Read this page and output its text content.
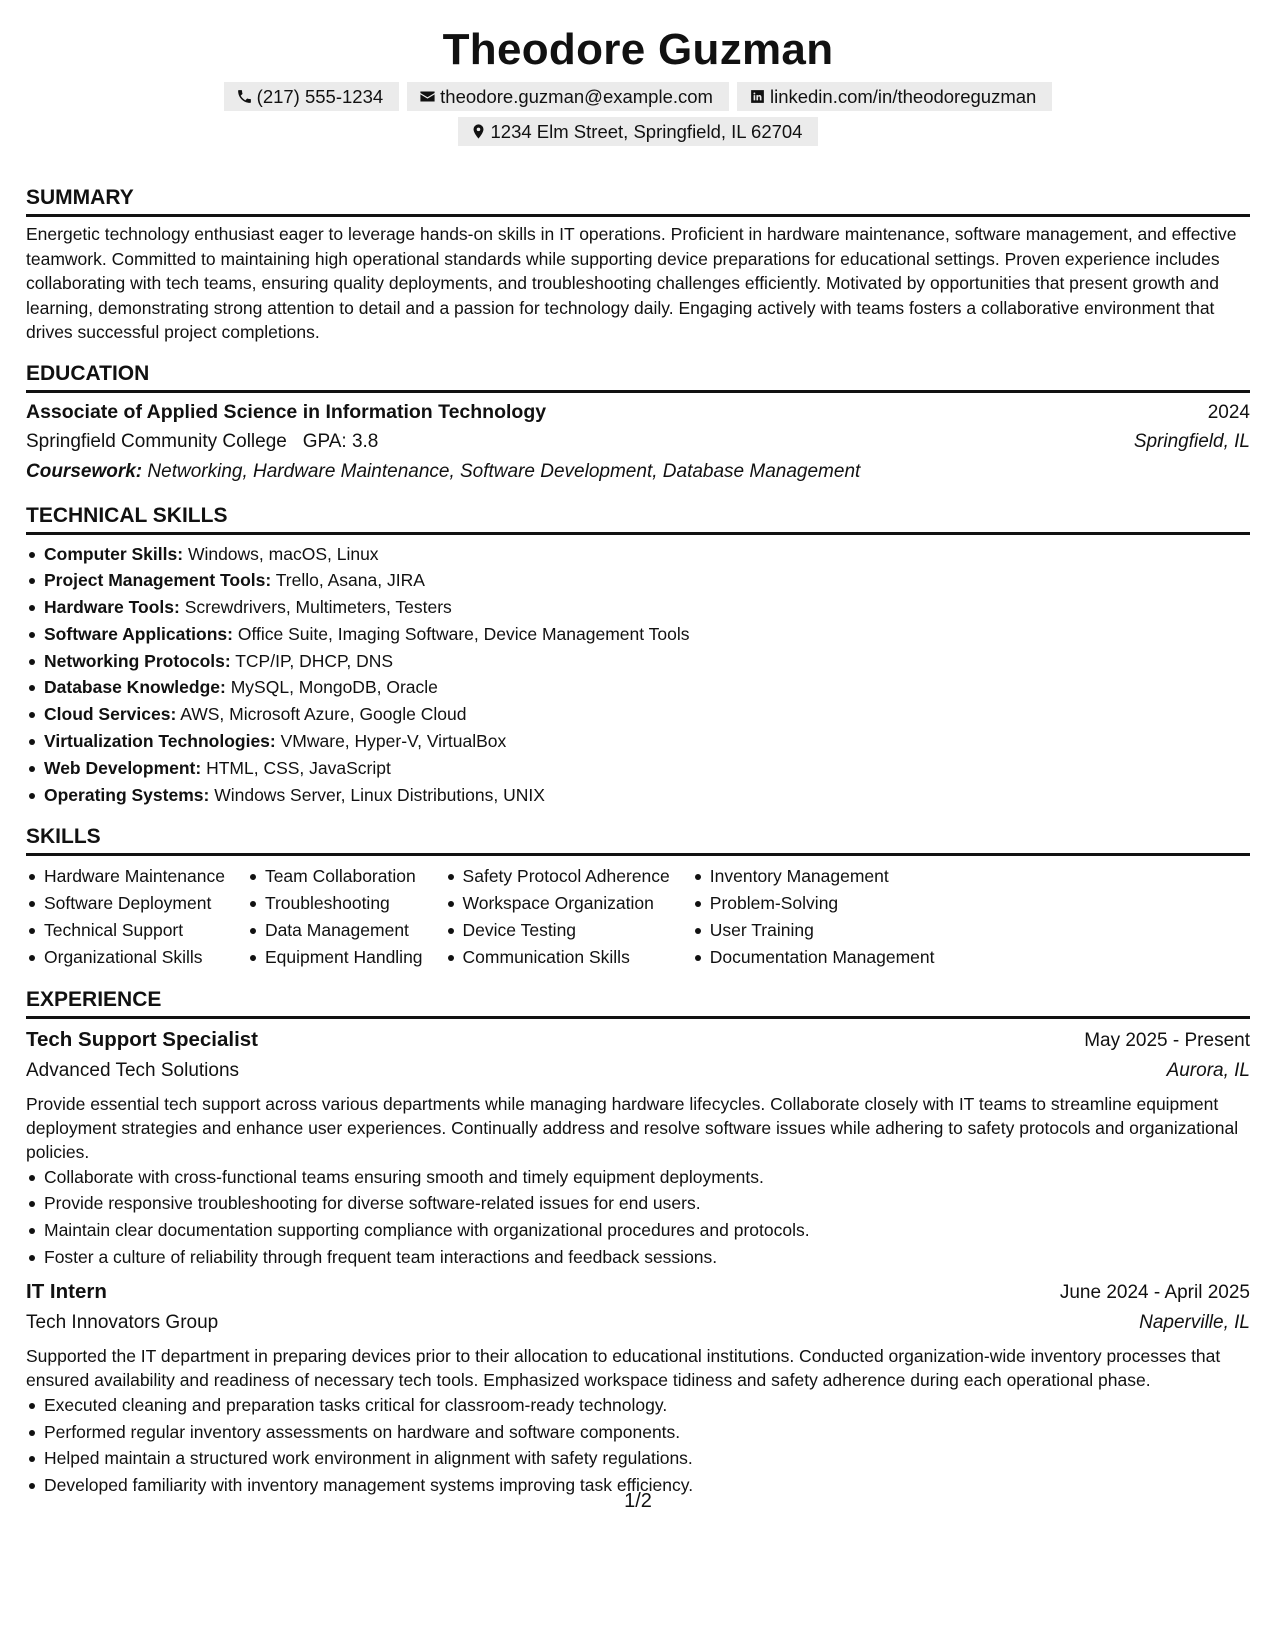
Theodore Guzman
(217) 555-1234	theodore.guzman@example.com	linkedin.com/in/theodoreguzman
1234 Elm Street, Springfield, IL 62704
SUMMARY
Energetic technology enthusiast eager to leverage hands-on skills in IT operations. Proficient in hardware maintenance, software management, and effective teamwork. Committed to maintaining high operational standards while supporting device preparations for educational settings. Proven experience includes collaborating with tech teams, ensuring quality deployments, and troubleshooting challenges efficiently. Motivated by opportunities that present growth and learning, demonstrating strong attention to detail and a passion for technology daily. Engaging actively with teams fosters a collaborative environment that drives successful project completions.
EDUCATION
Associate of Applied Science in Information Technology	2024
Springfield Community College GPA: 3.8	Springfield, IL
Coursework: Networking, Hardware Maintenance, Software Development, Database Management
TECHNICAL SKILLS
Computer Skills: Windows, macOS, Linux
Project Management Tools: Trello, Asana, JIRA
Hardware Tools: Screwdrivers, Multimeters, Testers
Software Applications: Office Suite, Imaging Software, Device Management Tools
Networking Protocols: TCP/IP, DHCP, DNS
Database Knowledge: MySQL, MongoDB, Oracle
Cloud Services: AWS, Microsoft Azure, Google Cloud
Virtualization Technologies: VMware, Hyper-V, VirtualBox
Web Development: HTML, CSS, JavaScript
Operating Systems: Windows Server, Linux Distributions, UNIX
SKILLS
Hardware Maintenance
Software Deployment
Technical Support
Organizational Skills
Team Collaboration
Troubleshooting
Data Management
Equipment Handling
Safety Protocol Adherence
Workspace Organization
Device Testing
Communication Skills
Inventory Management
Problem-Solving
User Training
Documentation Management
EXPERIENCE
Tech Support Specialist	May 2025 - Present
Advanced Tech Solutions	Aurora, IL
Provide essential tech support across various departments while managing hardware lifecycles. Collaborate closely with IT teams to streamline equipment deployment strategies and enhance user experiences. Continually address and resolve software issues while adhering to safety protocols and organizational policies.
Collaborate with cross-functional teams ensuring smooth and timely equipment deployments.
Provide responsive troubleshooting for diverse software-related issues for end users.
Maintain clear documentation supporting compliance with organizational procedures and protocols.
Foster a culture of reliability through frequent team interactions and feedback sessions.
IT Intern	June 2024 - April 2025
Tech Innovators Group	Naperville, IL
Supported the IT department in preparing devices prior to their allocation to educational institutions. Conducted organization-wide inventory processes that ensured availability and readiness of necessary tech tools. Emphasized workspace tidiness and safety adherence during each operational phase.
Executed cleaning and preparation tasks critical for classroom-ready technology.
Performed regular inventory assessments on hardware and software components.
Helped maintain a structured work environment in alignment with safety regulations.
Developed familiarity with inventory management systems improving task efficiency.
1/2
